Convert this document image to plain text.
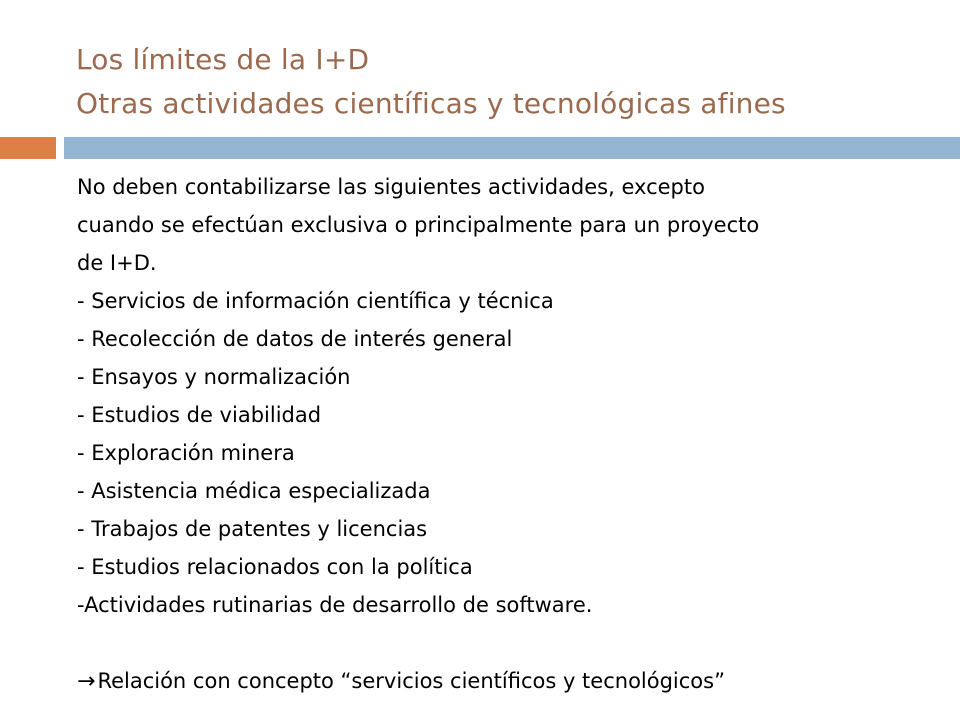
Los límites de la I+D
Otras actividades científicas y tecnológicas afines
No deben contabilizarse las siguientes actividades, excepto
cuando se efectúan exclusiva o principalmente para un proyecto
de I+D.
- Servicios de información científica y técnica
- Recolección de datos de interés general
- Ensayos y normalización
- Estudios de viabilidad
- Exploración minera
- Asistencia médica especializada
- Trabajos de patentes y licencias
- Estudios relacionados con la política
-Actividades rutinarias de desarrollo de software.
→Relación con concepto “servicios científicos y tecnológicos”
